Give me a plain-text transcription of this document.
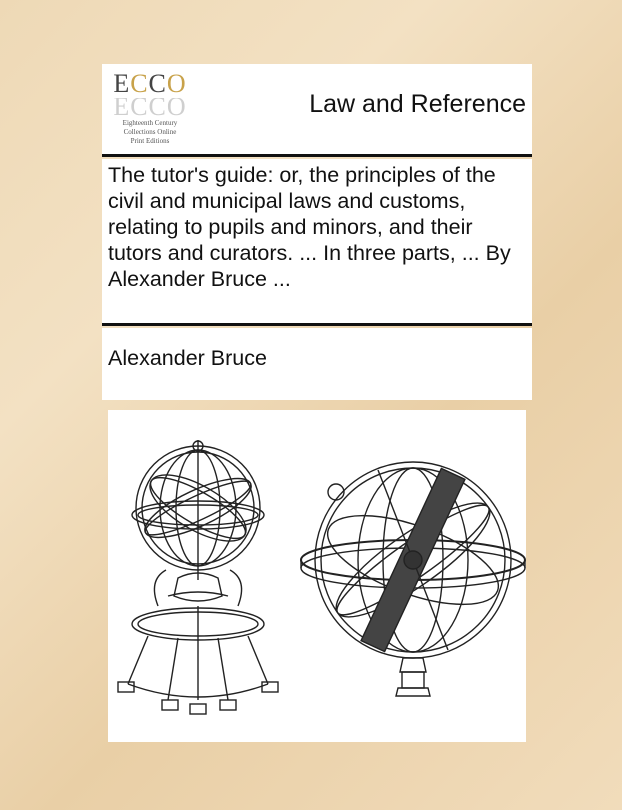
ECCO
ECCO
Eighteenth Century
Collections Online
Print Editions
Law and Reference
The tutor's guide: or, the principles of the civil and municipal laws and customs, relating to pupils and minors, and their tutors and curators. ... In three parts, ... By Alexander Bruce ...
Alexander Bruce
